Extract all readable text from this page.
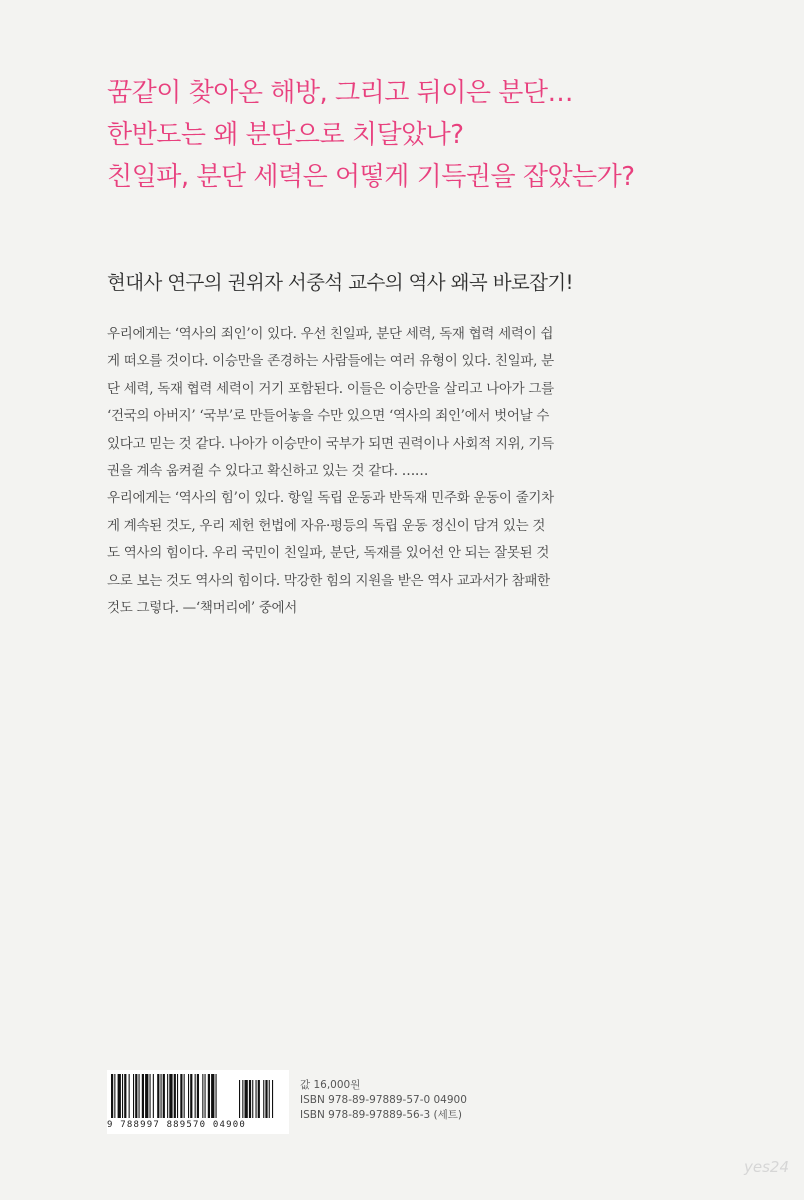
꿈같이 찾아온 해방, 그리고 뒤이은 분단…
한반도는 왜 분단으로 치달았나?
친일파, 분단 세력은 어떻게 기득권을 잡았는가?
현대사 연구의 권위자 서중석 교수의 역사 왜곡 바로잡기!
우리에게는 ‘역사의 죄인’이 있다. 우선 친일파, 분단 세력, 독재 협력 세력이 쉽
게 떠오를 것이다. 이승만을 존경하는 사람들에는 여러 유형이 있다. 친일파, 분
단 세력, 독재 협력 세력이 거기 포함된다. 이들은 이승만을 살리고 나아가 그를
‘건국의 아버지’ ‘국부’로 만들어놓을 수만 있으면 ‘역사의 죄인’에서 벗어날 수
있다고 믿는 것 같다. 나아가 이승만이 국부가 되면 권력이나 사회적 지위, 기득
권을 계속 움켜쥘 수 있다고 확신하고 있는 것 같다. ……
우리에게는 ‘역사의 힘’이 있다. 항일 독립 운동과 반독재 민주화 운동이 줄기차
게 계속된 것도, 우리 제헌 헌법에 자유·평등의 독립 운동 정신이 담겨 있는 것
도 역사의 힘이다. 우리 국민이 친일파, 분단, 독재를 있어선 안 되는 잘못된 것
으로 보는 것도 역사의 힘이다. 막강한 힘의 지원을 받은 역사 교과서가 참패한
것도 그렇다. —‘책머리에’ 중에서
9 788997 889570 04900
값 16,000원
ISBN 978-89-97889-57-0 04900
ISBN 978-89-97889-56-3 (세트)
yes24
